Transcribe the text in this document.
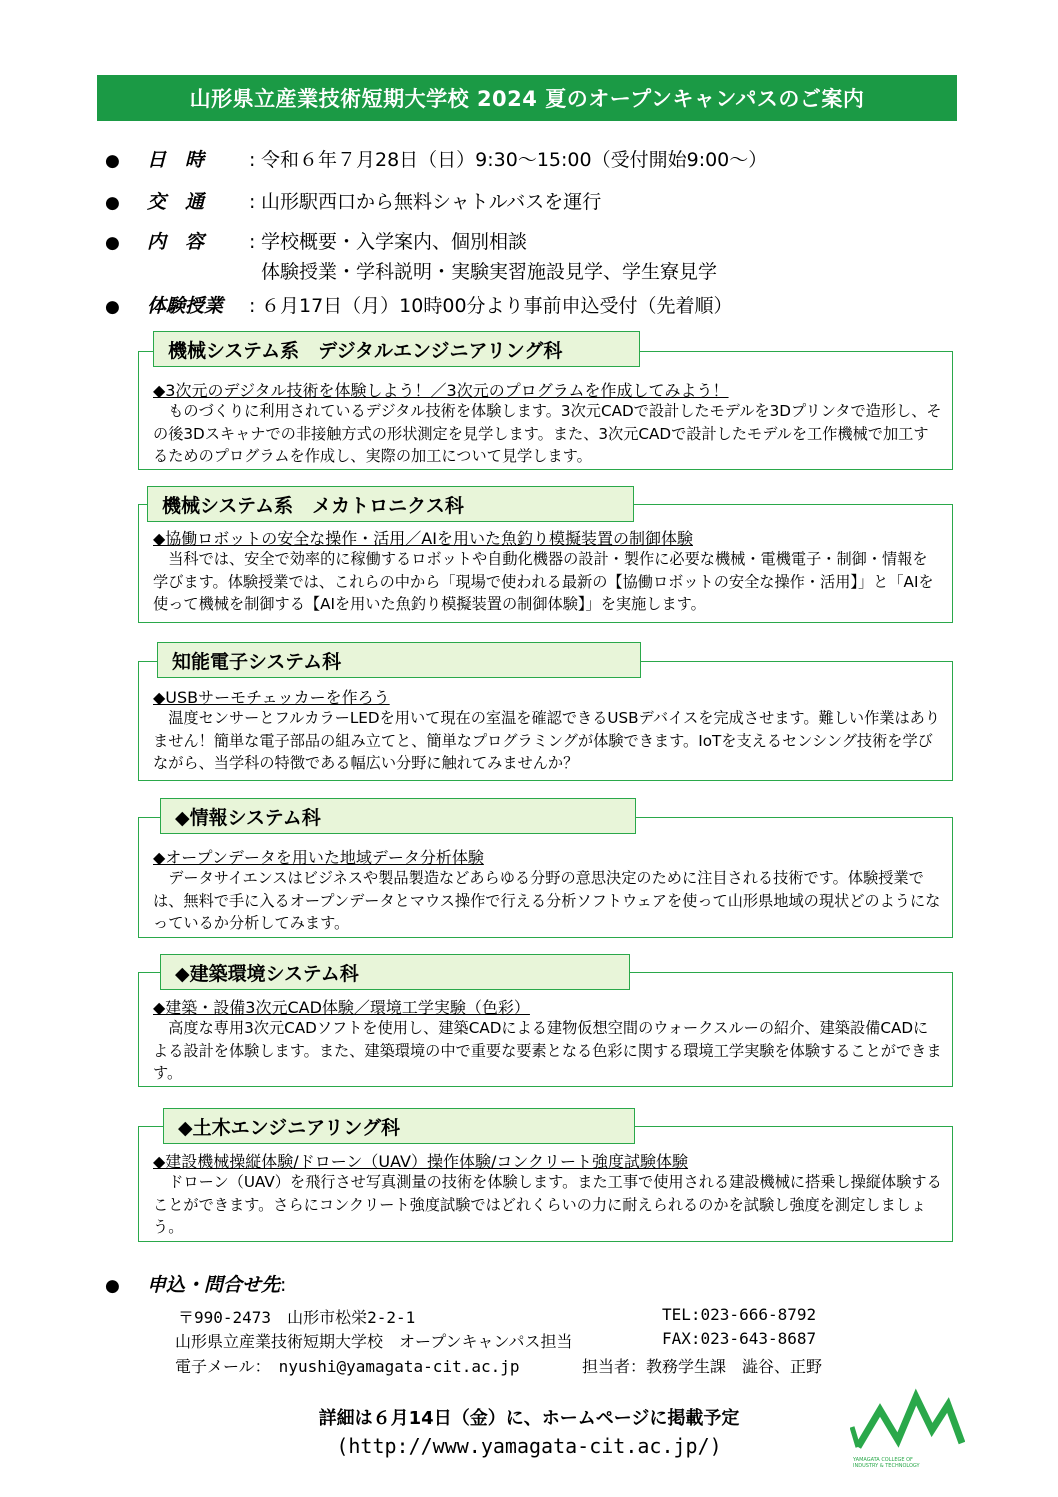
山形県立産業技術短期大学校 2024 夏のオープンキャンパスのご案内
● 日　時 : 令和６年７月28日（日）9:30～15:00（受付開始9:00～）
● 交　通 : 山形駅西口から無料シャトルバスを運行
● 内　容 : 学校概要・入学案内、個別相談
体験授業・学科説明・実験実習施設見学、学生寮見学
● 体験授業 : ６月17日（月）10時00分より事前申込受付（先着順）
◆3次元のデジタル技術を体験しよう！／3次元のプログラムを作成してみよう！
ものづくりに利用されているデジタル技術を体験します。3次元CADで設計したモデルを3Dプリンタで造形し、その後3Dスキャナでの非接触方式の形状測定を見学します。また、3次元CADで設計したモデルを工作機械で加工するためのプログラムを作成し、実際の加工について見学します。
機械システム系　デジタルエンジニアリング科
◆協働ロボットの安全な操作・活用／AIを用いた魚釣り模擬装置の制御体験
当科では、安全で効率的に稼働するロボットや自動化機器の設計・製作に必要な機械・電機電子・制御・情報を学びます。体験授業では、これらの中から「現場で使われる最新の【協働ロボットの安全な操作・活用】」と「AIを使って機械を制御する【AIを用いた魚釣り模擬装置の制御体験】」を実施します。
機械システム系　メカトロニクス科
◆USBサーモチェッカーを作ろう
温度センサーとフルカラーLEDを用いて現在の室温を確認できるUSBデバイスを完成させます。難しい作業はありません！簡単な電子部品の組み立てと、簡単なプログラミングが体験できます。IoTを支えるセンシング技術を学びながら、当学科の特徴である幅広い分野に触れてみませんか？
知能電子システム科
◆オープンデータを用いた地域データ分析体験
データサイエンスはビジネスや製品製造などあらゆる分野の意思決定のために注目される技術です。体験授業では、無料で手に入るオープンデータとマウス操作で行える分析ソフトウェアを使って山形県地域の現状どのようになっているか分析してみます。
◆情報システム科
◆建築・設備3次元CAD体験／環境工学実験（色彩）
高度な専用3次元CADソフトを使用し、建築CADによる建物仮想空間のウォークスルーの紹介、建築設備CADによる設計を体験します。また、建築環境の中で重要な要素となる色彩に関する環境工学実験を体験することができます。
◆建築環境システム科
◆建設機械操縦体験/ドローン（UAV）操作体験/コンクリート強度試験体験
ドローン（UAV）を飛行させ写真測量の技術を体験します。また工事で使用される建設機械に搭乗し操縦体験することができます。さらにコンクリート強度試験ではどれくらいの力に耐えられるのかを試験し強度を測定しましょう。
◆土木エンジニアリング科
● 申込・問合せ先:
〒990-2473　山形市松栄2-2-1	TEL:023-666-8792
山形県立産業技術短期大学校　オープンキャンパス担当	FAX:023-643-8687
電子メール：　nyushi@yamagata-cit.ac.jp	担当者：教務学生課　澁谷、正野
詳細は６月14日（金）に、ホームページに掲載予定
(http://www.yamagata-cit.ac.jp/)
YAMAGATA COLLEGE OF
INDUSTRY & TECHNOLOGY
